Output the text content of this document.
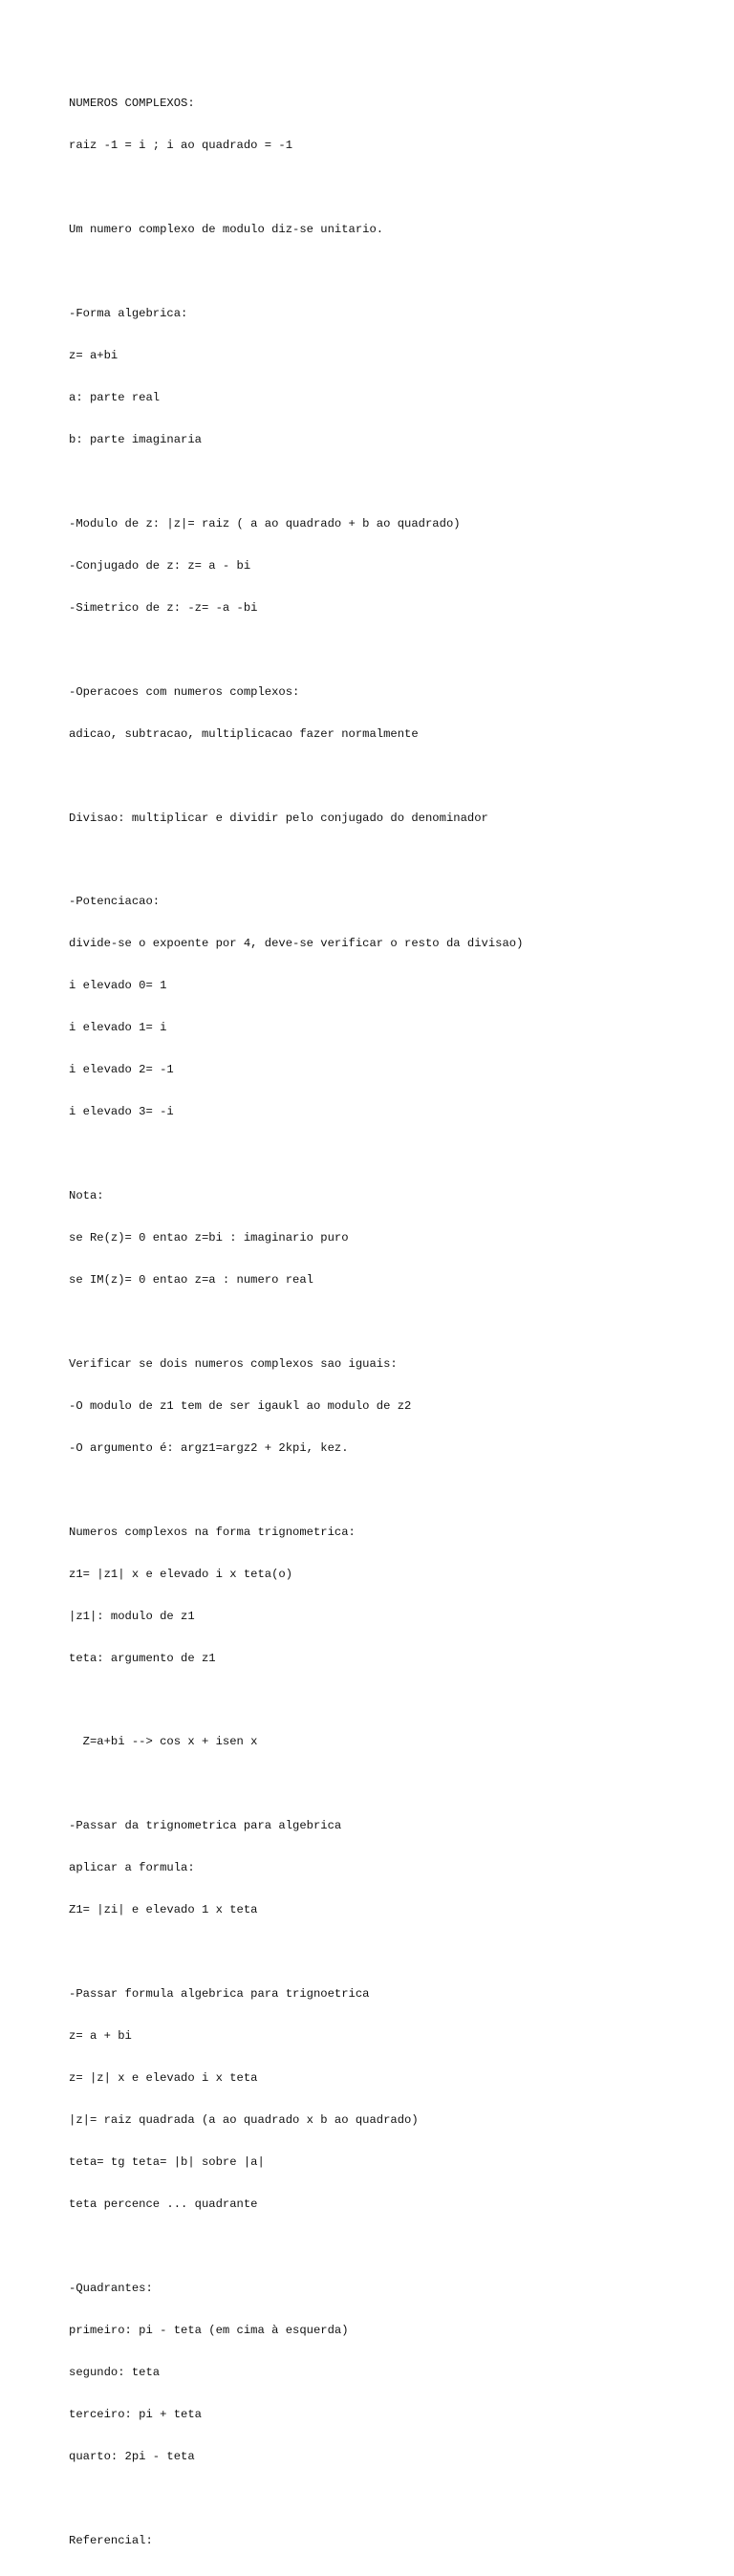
NUMEROS COMPLEXOS:

raiz -1 = i ; i ao quadrado = -1

Um numero complexo de modulo diz-se unitario.

-Forma algebrica:

z= a+bi

a: parte real

b: parte imaginaria

-Modulo de z: |z|= raiz ( a ao quadrado + b ao quadrado)

-Conjugado de z: z= a - bi

-Simetrico de z: -z= -a -bi

-Operacoes com numeros complexos:

adicao, subtracao, multiplicacao fazer normalmente

Divisao: multiplicar e dividir pelo conjugado do denominador

-Potenciacao:

divide-se o expoente por 4, deve-se verificar o resto da divisao)

i elevado 0= 1

i elevado 1= i

i elevado 2= -1

i elevado 3= -i

Nota:

se Re(z)= 0 entao z=bi : imaginario puro

se IM(z)= 0 entao z=a : numero real

Verificar se dois numeros complexos sao iguais:

-O modulo de z1 tem de ser igaukl ao modulo de z2

-O argumento é: argz1=argz2 + 2kpi, kez.

Numeros complexos na forma trignometrica:

z1= |z1| x e elevado i x teta(o)

|z1|: modulo de z1

teta: argumento de z1

Z=a+bi --> cos x + isen x

-Passar da trignometrica para algebrica

aplicar a formula:

Z1= |zi| e elevado 1 x teta

-Passar formula algebrica para trignoetrica

z= a + bi

z= |z| x e elevado i x teta

|z|= raiz quadrada (a ao quadrado x b ao quadrado)

teta= tg teta= |b| sobre |a|

teta percence ... quadrante

-Quadrantes:

primeiro: pi - teta (em cima à esquerda)

segundo: teta

terceiro: pi + teta

quarto: 2pi - teta

Referencial:
